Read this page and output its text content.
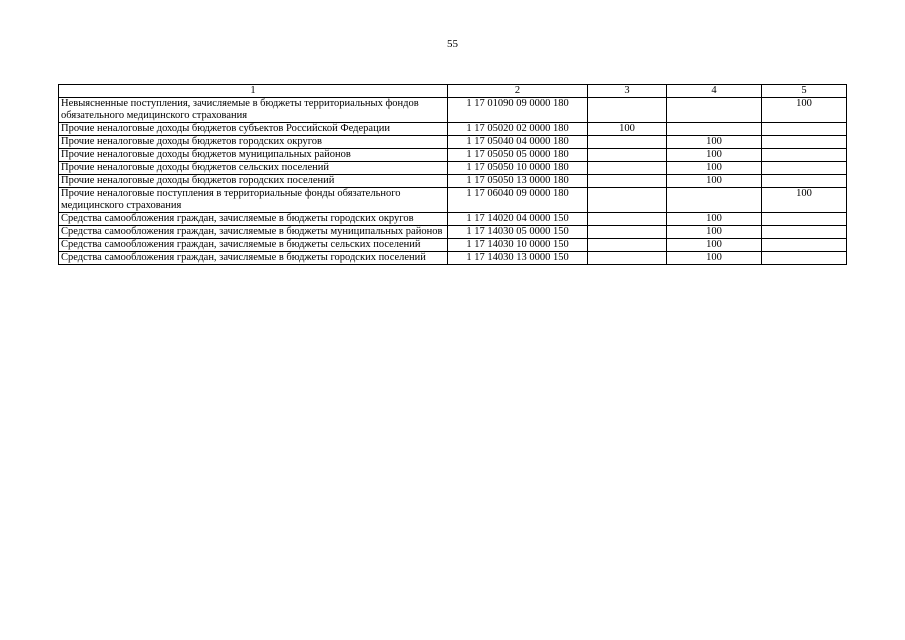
55
1	2	3	4	5
Невыясненные поступления, зачисляемые в бюджеты территориальных фондов обязательного медицинского страхования	1 17 01090 09 0000 180			100
Прочие неналоговые доходы бюджетов субъектов Российской Федерации	1 17 05020 02 0000 180	100		
Прочие неналоговые доходы бюджетов городских округов	1 17 05040 04 0000 180		100	
Прочие неналоговые доходы бюджетов муниципальных районов	1 17 05050 05 0000 180		100	
Прочие неналоговые доходы бюджетов сельских поселений	1 17 05050 10 0000 180		100	
Прочие неналоговые доходы бюджетов городских поселений	1 17 05050 13 0000 180		100	
Прочие неналоговые поступления в территориальные фонды обязательного медицинского страхования	1 17 06040 09 0000 180			100
Средства самообложения граждан, зачисляемые в бюджеты городских округов	1 17 14020 04 0000 150		100	
Средства самообложения граждан, зачисляемые в бюджеты муниципальных районов	1 17 14030 05 0000 150		100	
Средства самообложения граждан, зачисляемые в бюджеты сельских поселений	1 17 14030 10 0000 150		100	
Средства самообложения граждан, зачисляемые в бюджеты городских поселений	1 17 14030 13 0000 150		100	
